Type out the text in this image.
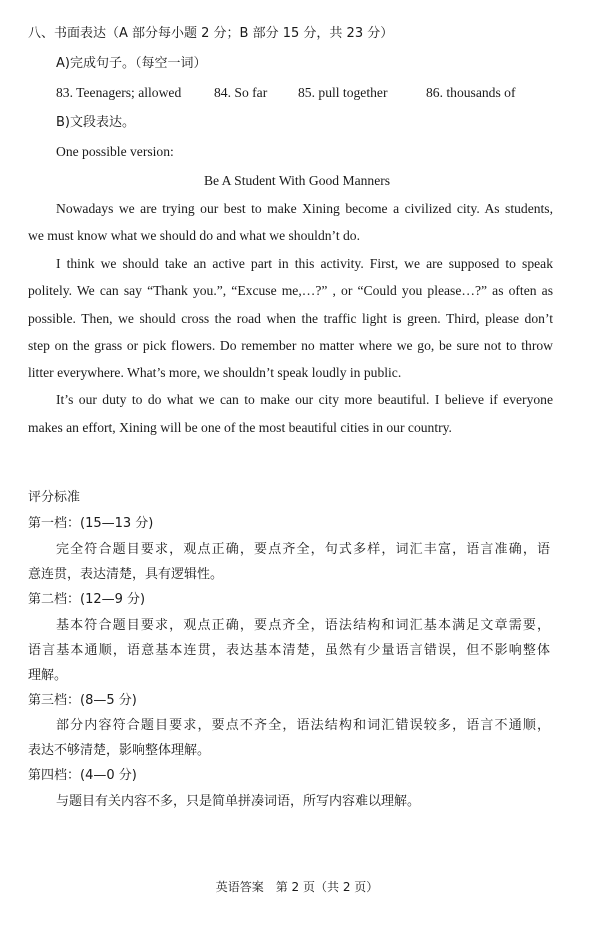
八、书面表达（A 部分每小题 2 分；B 部分 15 分，共 23 分）
A)完成句子。（每空一词）
83. Teenagers; allowed 84. So far 85. pull together	86. thousands of
B)文段表达。
One possible version:
Be A Student With Good Manners
Nowadays we are trying our best to make Xining become a civilized city. As students,
we must know what we should do and what we shouldn’t do.
I think we should take an active part in this activity. First, we are supposed to speak
politely. We can say “Thank you.”, “Excuse me,…?” , or “Could you please…?” as often as
possible. Then, we should cross the road when the traffic light is green. Third, please don’t
step on the grass or pick flowers. Do remember no matter where we go, be sure not to throw
litter everywhere. What’s more, we shouldn’t speak loudly in public.
It’s our duty to do what we can to make our city more beautiful. I believe if everyone
makes an effort, Xining will be one of the most beautiful cities in our country.
评分标准
第一档：(15—13 分)
完全符合题目要求，观点正确，要点齐全，句式多样，词汇丰富，语言准确，语
意连贯，表达清楚，具有逻辑性。
第二档：(12—9 分)
基本符合题目要求，观点正确，要点齐全，语法结构和词汇基本满足文章需要，
语言基本通顺，语意基本连贯，表达基本清楚，虽然有少量语言错误，但不影响整体
理解。
第三档：(8—5 分)
部分内容符合题目要求，要点不齐全，语法结构和词汇错误较多，语言不通顺，
表达不够清楚，影响整体理解。
第四档：(4—0 分)
与题目有关内容不多，只是简单拼凑词语，所写内容难以理解。
英语答案　第 2 页（共 2 页）
